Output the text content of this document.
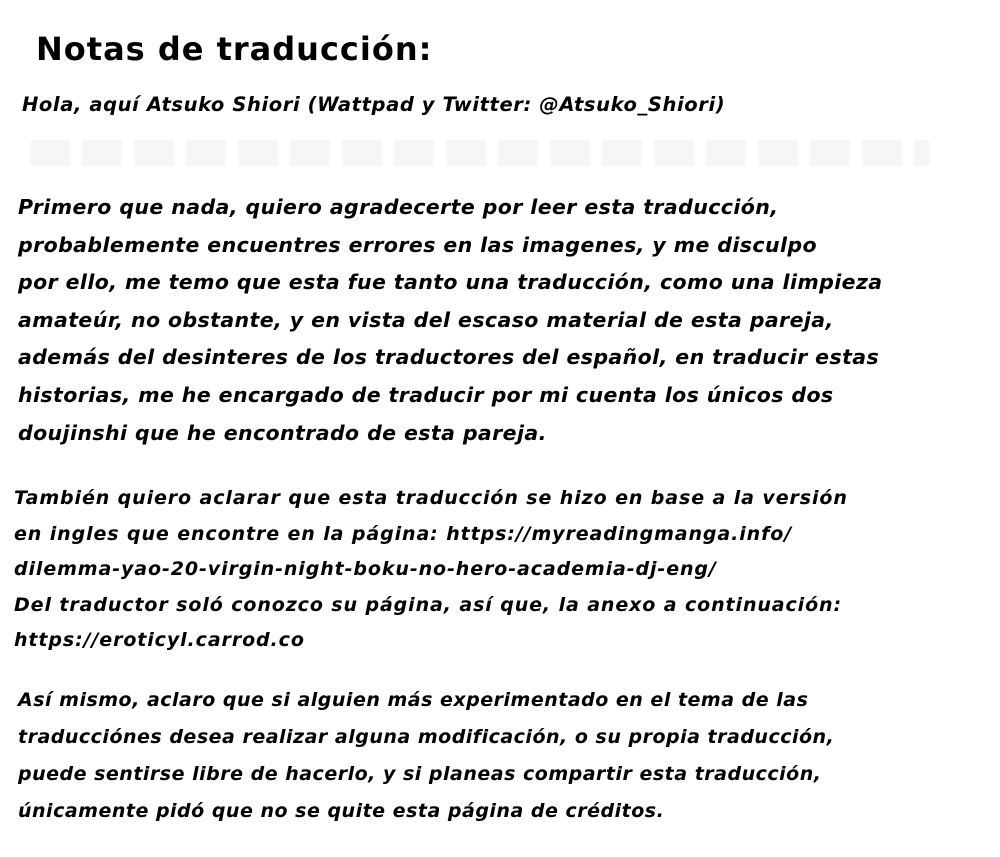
Notas de traducción:
Hola, aquí Atsuko Shiori (Wattpad y Twitter: @Atsuko_Shiori)
Primero que nada, quiero agradecerte por leer esta traducción,
probablemente encuentres errores en las imagenes, y me disculpo
por ello, me temo que esta fue tanto una traducción, como una limpieza
amateúr, no obstante, y en vista del escaso material de esta pareja,
además del desinteres de los traductores del español, en traducir estas
historias, me he encargado de traducir por mi cuenta los únicos dos
doujinshi que he encontrado de esta pareja.
También quiero aclarar que esta traducción se hizo en base a la versión
en ingles que encontre en la página: https://myreadingmanga.info/
dilemma-yao-20-virgin-night-boku-no-hero-academia-dj-eng/
Del traductor soló conozco su página, así que, la anexo a continuación:
https://eroticyl.carrod.co
Así mismo, aclaro que si alguien más experimentado en el tema de las
traducciónes desea realizar alguna modificación, o su propia traducción,
puede sentirse libre de hacerlo, y si planeas compartir esta traducción,
únicamente pidó que no se quite esta página de créditos.
